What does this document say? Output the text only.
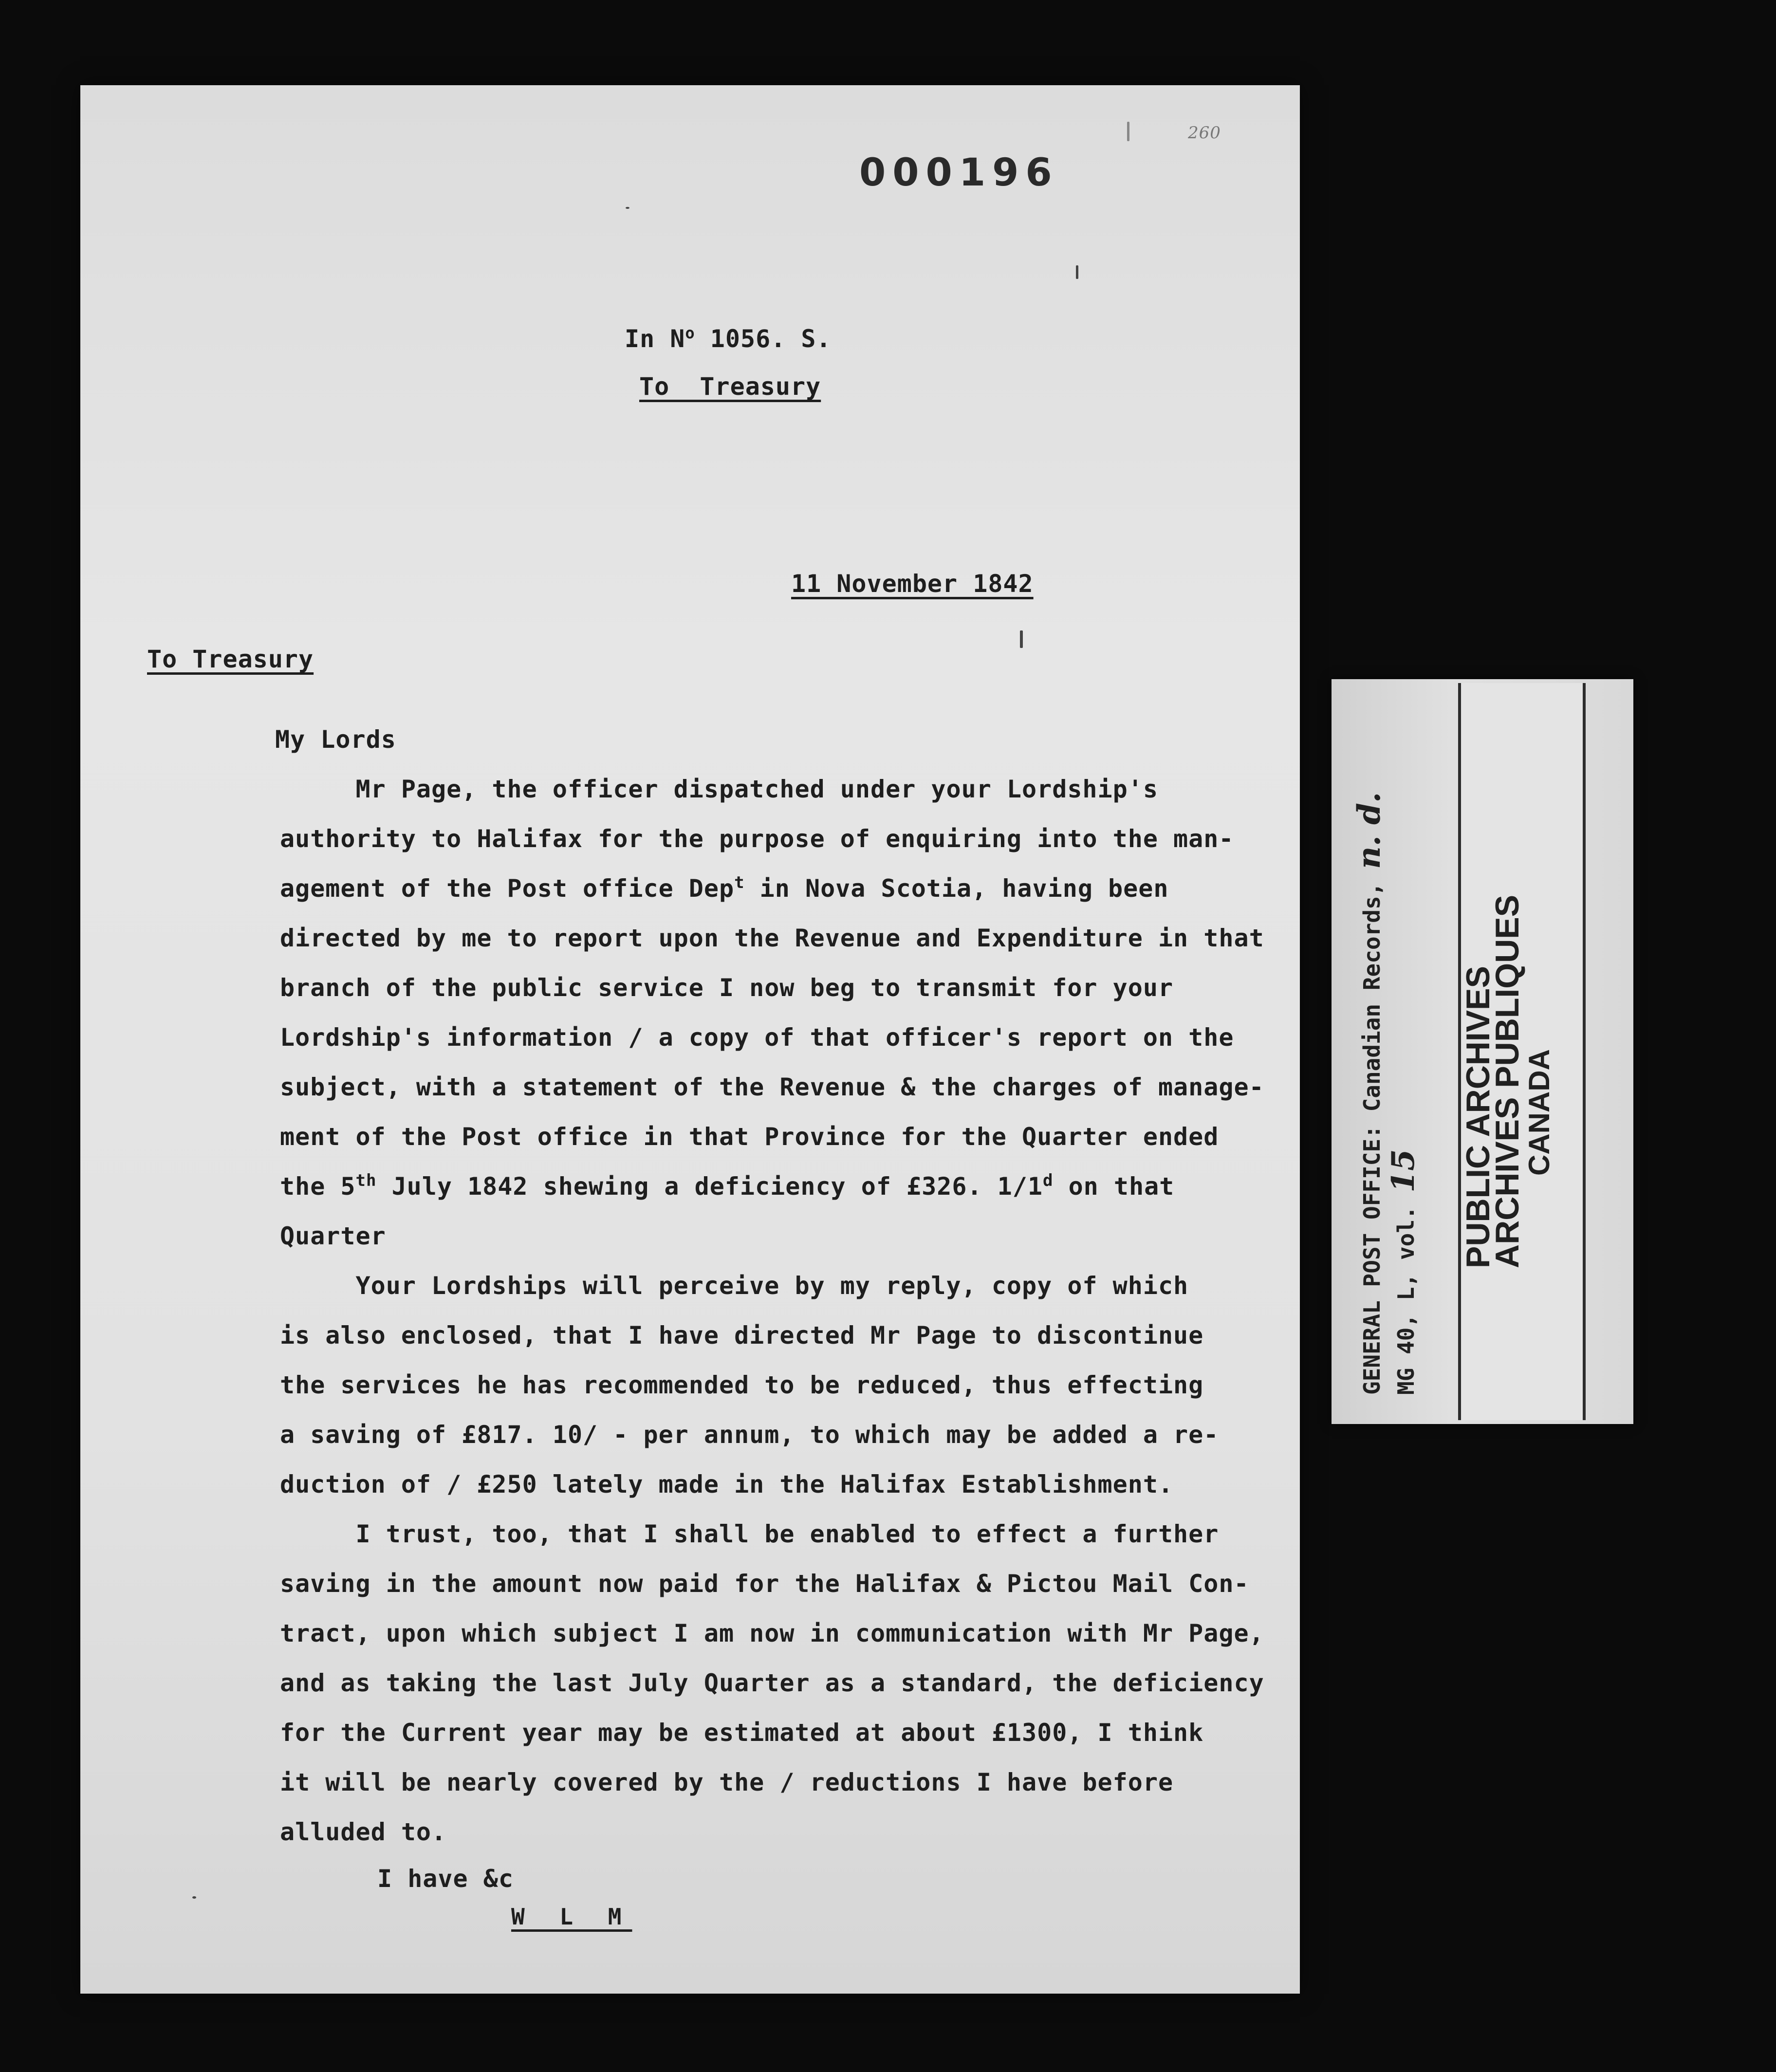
000196
260
In $N^o$ 1056. S.
To  Treasury
11 November 1842
To Treasury
My Lords
Mr Page, the officer dispatched under your Lordship's
authority to Halifax for the purpose of enquiring into the man-
agement of the Post office Dep$^t$ in Nova Scotia, having been
directed by me to report upon the Revenue and Expenditure in that
branch of the public service I now beg to transmit for your
Lordship's information / a copy of that officer's report on the
subject, with a statement of the Revenue & the charges of manage-
ment of the Post office in that Province for the Quarter ended
the 5th July 1842 shewing a deficiency of £326. 1/1$^d$ on that
Quarter
Your Lordships will perceive by my reply, copy of which
is also enclosed, that I have directed Mr Page to discontinue
the services he has recommended to be reduced, thus effecting
a saving of £817. 10/ - per annum, to which may be added a re-
duction of / £250 lately made in the Halifax Establishment.
I trust, too, that I shall be enabled to effect a further
saving in the amount now paid for the Halifax & Pictou Mail Con-
tract, upon which subject I am now in communication with Mr Page,
and as taking the last July Quarter as a standard, the deficiency
for the Current year may be estimated at about £1300, I think
it will be nearly covered by the / reductions I have before
alluded to.
I have &c
W L M
GENERAL POST OFFICE: Canadian Records, n. d.
MG 40, L, vol. 15 PUBLIC ARCHIVES
ARCHIVES PUBLIQUES
CANADA
